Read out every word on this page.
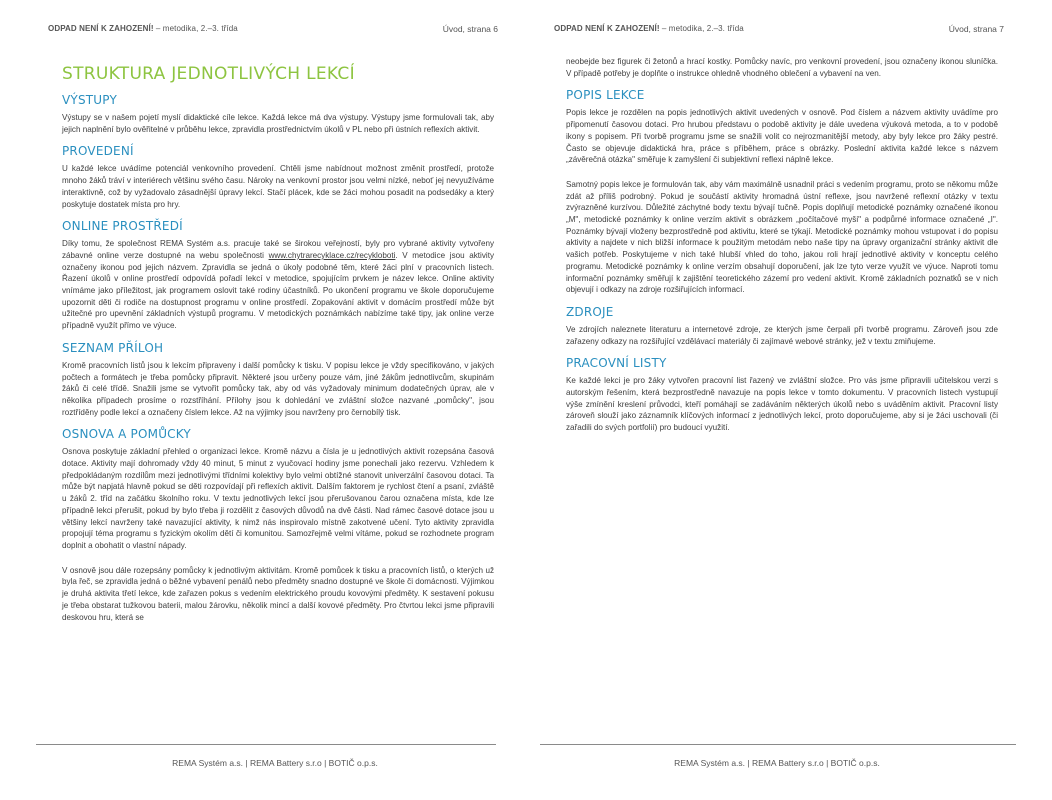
ODPAD NENÍ K ZAHOZENÍ! – metodika, 2.–3. třída	Úvod, strana 6
STRUKTURA JEDNOTLIVÝCH LEKCÍ
VÝSTUPY

Výstupy se v našem pojetí myslí didaktické cíle lekce. Každá lekce má dva výstupy. Výstupy jsme formulovali tak, aby jejich naplnění bylo ověřitelné v průběhu lekce, zpravidla prostřednictvím úkolů v PL nebo při ústních reflexích aktivit.

PROVEDENÍ

U každé lekce uvádíme potenciál venkovního provedení. Chtěli jsme nabídnout možnost změnit prostředí, protože mnoho žáků tráví v interiérech většinu svého času. Nároky na venkovní prostor jsou velmi nízké, neboť jej nevyužíváme interaktivně, což by vyžadovalo zásadnější úpravy lekcí. Stačí plácek, kde se žáci mohou posadit na podsedáky a který poskytuje dostatek místa pro hry.

ONLINE PROSTŘEDÍ

Díky tomu, že společnost REMA Systém a.s. pracuje také se širokou veřejností, byly pro vybrané aktivity vytvořeny zábavné online verze dostupné na webu společnosti www.chytrarecyklace.cz/recykloboti. V metodice jsou aktivity označeny ikonou pod jejich názvem. Zpravidla se jedná o úkoly podobné těm, které žáci plní v pracovních listech. Řazení úkolů v online prostředí odpovídá pořadí lekcí v metodice, spojujícím prvkem je název lekce. Online aktivity vnímáme jako příležitost, jak programem oslovit také rodiny účastníků. Po ukončení programu ve škole doporučujeme upozornit děti či rodiče na dostupnost programu v online prostředí. Zopakování aktivit v domácím prostředí může být užitečné pro upevnění základních výstupů programu. V metodických poznámkách nabízíme také tipy, jak online verze případně využít přímo ve výuce.

SEZNAM PŘÍLOH

Kromě pracovních listů jsou k lekcím připraveny i další pomůcky k tisku. V popisu lekce je vždy specifikováno, v jakých počtech a formátech je třeba pomůcky připravit. Některé jsou určeny pouze vám, jiné žákům jednotlivcům, skupinám žáků či celé třídě. Snažili jsme se vytvořit pomůcky tak, aby od vás vyžadovaly minimum dodatečných úprav, ale v několika případech prosíme o rozstříhání. Přílohy jsou k dohledání ve zvláštní složce nazvané „pomůcky", jsou roztříděny podle lekcí a označeny číslem lekce. Až na výjimky jsou navrženy pro černobílý tisk.

OSNOVA A POMŮCKY

Osnova poskytuje základní přehled o organizaci lekce. Kromě názvu a čísla je u jednotlivých aktivit rozepsána časová dotace. Aktivity mají dohromady vždy 40 minut, 5 minut z vyučovací hodiny jsme ponechali jako rezervu. Vzhledem k předpokládaným rozdílům mezi jednotlivými třídními kolektivy bylo velmi obtížné stanovit univerzální časovou dotaci. Ta může být napjatá hlavně pokud se děti rozpovídají při reflexích aktivit. Dalším faktorem je rychlost čtení a psaní, zvláště u žáků 2. tříd na začátku školního roku. V textu jednotlivých lekcí jsou přerušovanou čarou označena místa, kde lze případně lekci přerušit, pokud by bylo třeba ji rozdělit z časových důvodů na dvě části. Nad rámec časové dotace jsou u většiny lekcí navrženy také navazující aktivity, k nimž nás inspirovalo místně zakotvené učení. Tyto aktivity zpravidla propojují téma programu s fyzickým okolím dětí či komunitou. Samozřejmě velmi vítáme, pokud se rozhodnete program doplnit a obohatit o vlastní nápady.

V osnově jsou dále rozepsány pomůcky k jednotlivým aktivitám. Kromě pomůcek k tisku a pracovních listů, o kterých už byla řeč, se zpravidla jedná o běžné vybavení penálů nebo předměty snadno dostupné ve škole či domácnosti. Výjimkou je druhá aktivita třetí lekce, kde zařazen pokus s vedením elektrického proudu kovovými předměty. K sestavení pokusu je třeba obstarat tužkovou baterii, malou žárovku, několik mincí a další kovové předměty. Pro čtvrtou lekci jsme připravili deskovou hru, která se

REMA Systém a.s. | REMA Battery s.r.o | BOTIČ o.p.s.
ODPAD NENÍ K ZAHOZENÍ! – metodika, 2.–3. třída	Úvod, strana 7

neobejde bez figurek či žetonů a hrací kostky. Pomůcky navíc, pro venkovní provedení, jsou označeny ikonou sluníčka. V případě potřeby je doplňte o instrukce ohledně vhodného oblečení a vybavení na ven.

POPIS LEKCE

Popis lekce je rozdělen na popis jednotlivých aktivit uvedených v osnově. Pod číslem a názvem aktivity uvádíme pro připomenutí časovou dotaci. Pro hrubou představu o podobě aktivity je dále uvedena výuková metoda, a to v podobě ikony s popisem. Při tvorbě programu jsme se snažili volit co nejrozmanitější metody, aby byly lekce pro žáky pestré. Často se objevuje didaktická hra, práce s příběhem, práce s obrázky. Poslední aktivita každé lekce s názvem „závěrečná otázka" směřuje k zamyšlení či subjektivní reflexi náplně lekce.

Samotný popis lekce je formulován tak, aby vám maximálně usnadnil práci s vedením programu, proto se někomu může zdát až příliš podrobný. Pokud je součástí aktivity hromadná ústní reflexe, jsou navržené reflexní otázky v textu zvýrazněné kurzívou. Důležité záchytné body textu bývají tučně. Popis doplňují metodické poznámky označené ikonou „M", metodické poznámky k online verzím aktivit s obrázkem „počítačové myši" a podpůrné informace označené „I". Poznámky bývají vloženy bezprostředně pod aktivitu, které se týkají. Metodické poznámky mohou vstupovat i do popisu aktivity a najdete v nich bližší informace k použitým metodám nebo naše tipy na úpravy organizační stránky aktivit dle vašich potřeb. Poskytujeme v nich také hlubší vhled do toho, jakou roli hrají jednotlivé aktivity v konceptu celého programu. Metodické poznámky k online verzím obsahují doporučení, jak lze tyto verze využít ve výuce. Naproti tomu informační poznámky směřují k zajištění teoretického zázemí pro vedení aktivit. Kromě základních poznatků se v nich objevují i odkazy na zdroje rozšiřujících informací.

ZDROJE

Ve zdrojích naleznete literaturu a internetové zdroje, ze kterých jsme čerpali při tvorbě programu. Zároveň jsou zde zařazeny odkazy na rozšiřující vzdělávací materiály či zajímavé webové stránky, jež v textu zmiňujeme.

PRACOVNÍ LISTY

Ke každé lekci je pro žáky vytvořen pracovní list řazený ve zvláštní složce. Pro vás jsme připravili učitelskou verzi s autorským řešením, která bezprostředně navazuje na popis lekce v tomto dokumentu. V pracovních listech vystupují výše zmínění kreslení průvodci, kteří pomáhají se zadáváním některých úkolů nebo s uváděním aktivit. Pracovní listy zároveň slouží jako záznamník klíčových informací z jednotlivých lekcí, proto doporučujeme, aby si je žáci uschovali (či zařadili do svých portfolií) pro budoucí využití.

REMA Systém a.s. | REMA Battery s.r.o | BOTIČ o.p.s.
